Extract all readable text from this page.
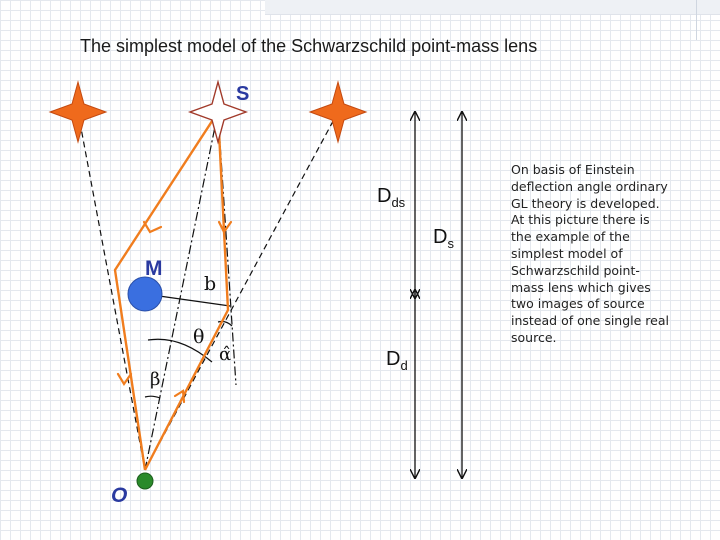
The simplest model of the Schwarzschild point-mass lens
S
M
O
b
θ
β
α̂
$D_{ds}$
$D_s$
$D_d$

On basis of Einstein deflection angle ordinary GL theory is developed. At this picture there is the example of the simplest model of Schwarzschild point-mass lens which gives two images of source instead of one single real source.
